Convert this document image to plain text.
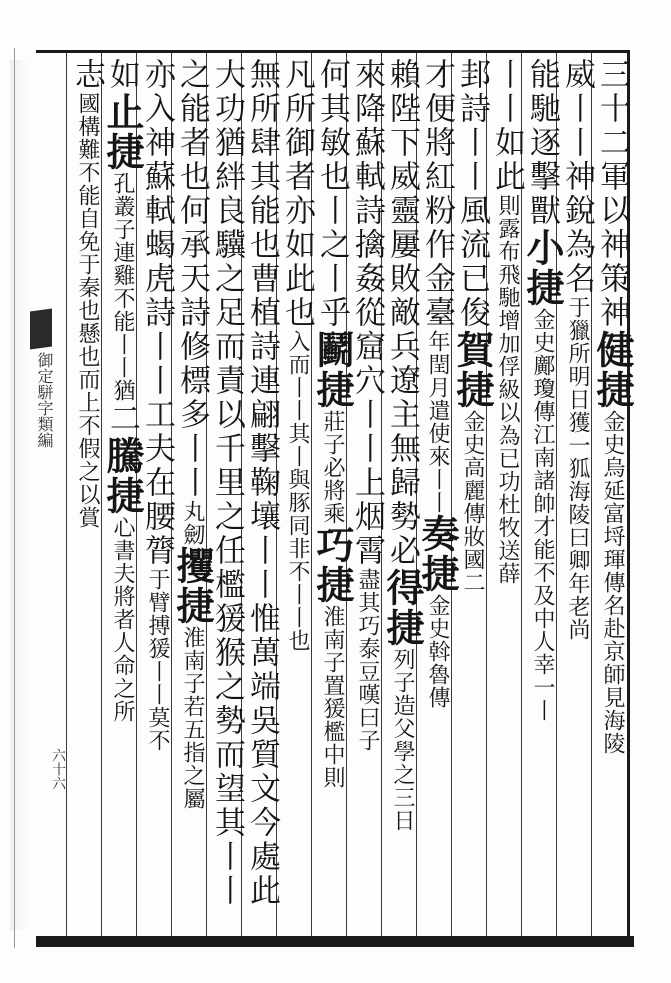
三十二軍以神策神健捷金史烏延富埒琿傳名赴京師見海陵
威丨丨神銳為名于獵所明日獲一狐海陵曰卿年老尚
能馳逐擊獸小捷金史鄺瓊傳江南諸帥才能不及中人幸一丨
丨丨如此則露布飛馳增加俘級以為已功杜牧送薛
邽詩丨丨風流已俊賀捷金史高麗傳妝國二
才便將紅粉作金臺年閏月遣使來丨丨奏捷金史斡魯傳
賴陛下威靈屢敗敵兵遼主無歸勢必得捷列子造父學之三日
來降蘇軾詩擒姦從窟穴丨丨上烟霄盡其巧泰豆嘆曰子
何其敏也丨之丨乎鬬捷莊子必將乘巧捷淮南子置猨檻中則
凡所御者亦如此也入而丨丨其丨與豚同非不丨丨也
無所肆其能也曹植詩連翩擊鞠壤丨丨惟萬端吳質文今處此
大功猶絆良驥之足而責以千里之任檻猨猴之勢而望其丨丨
之能者也何承天詩修標多丨丨丸劒攫捷淮南子若五指之屬
亦入神蘇軾蝎虎詩丨丨工夫在腰膂于臂搏猨丨丨莫不
如止捷孔叢子連雞不能丨丨猶二騰捷心書夫將者人命之所
志國構難不能自免于秦也懸也而上不假之以賞
御定駢字類編
六十六
